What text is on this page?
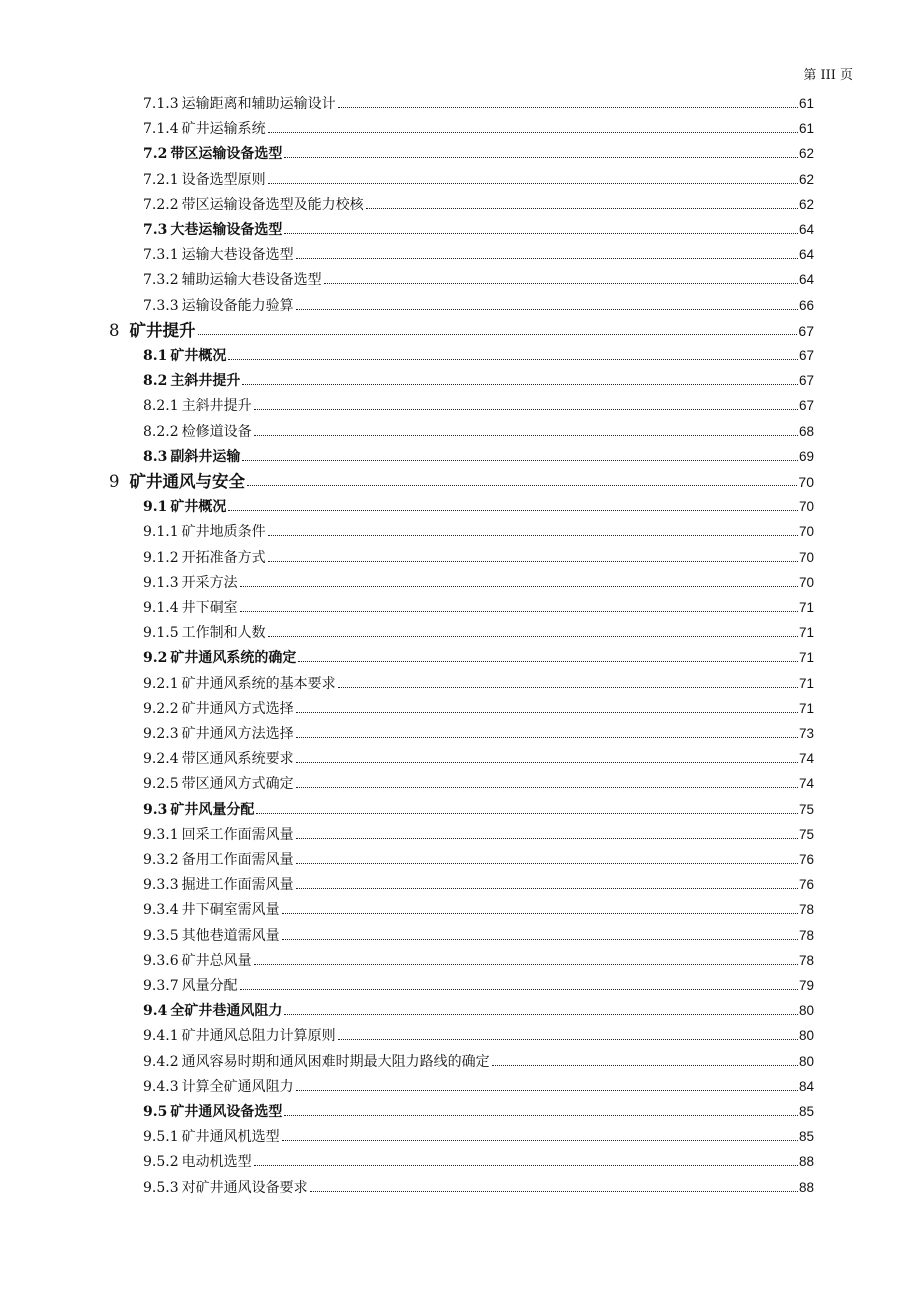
第 III 页
7.1.3 运输距离和辅助运输设计	61
7.1.4 矿井运输系统	61
7.2 带区运输设备选型	62
7.2.1 设备选型原则	62
7.2.2 带区运输设备选型及能力校核	62
7.3 大巷运输设备选型	64
7.3.1 运输大巷设备选型	64
7.3.2 辅助运输大巷设备选型	64
7.3.3 运输设备能力验算	66
8 矿井提升	67
8.1 矿井概况	67
8.2 主斜井提升	67
8.2.1 主斜井提升	67
8.2.2 检修道设备	68
8.3 副斜井运输	69
9 矿井通风与安全	70
9.1 矿井概况	70
9.1.1 矿井地质条件	70
9.1.2 开拓准备方式	70
9.1.3 开采方法	70
9.1.4 井下硐室	71
9.1.5 工作制和人数	71
9.2 矿井通风系统的确定	71
9.2.1 矿井通风系统的基本要求	71
9.2.2 矿井通风方式选择	71
9.2.3 矿井通风方法选择	73
9.2.4 带区通风系统要求	74
9.2.5 带区通风方式确定	74
9.3 矿井风量分配	75
9.3.1 回采工作面需风量	75
9.3.2 备用工作面需风量	76
9.3.3 掘进工作面需风量	76
9.3.4 井下硐室需风量	78
9.3.5 其他巷道需风量	78
9.3.6 矿井总风量	78
9.3.7 风量分配	79
9.4 全矿井巷通风阻力	80
9.4.1 矿井通风总阻力计算原则	80
9.4.2 通风容易时期和通风困难时期最大阻力路线的确定	80
9.4.3 计算全矿通风阻力	84
9.5 矿井通风设备选型	85
9.5.1 矿井通风机选型	85
9.5.2 电动机选型	88
9.5.3 对矿井通风设备要求	88
